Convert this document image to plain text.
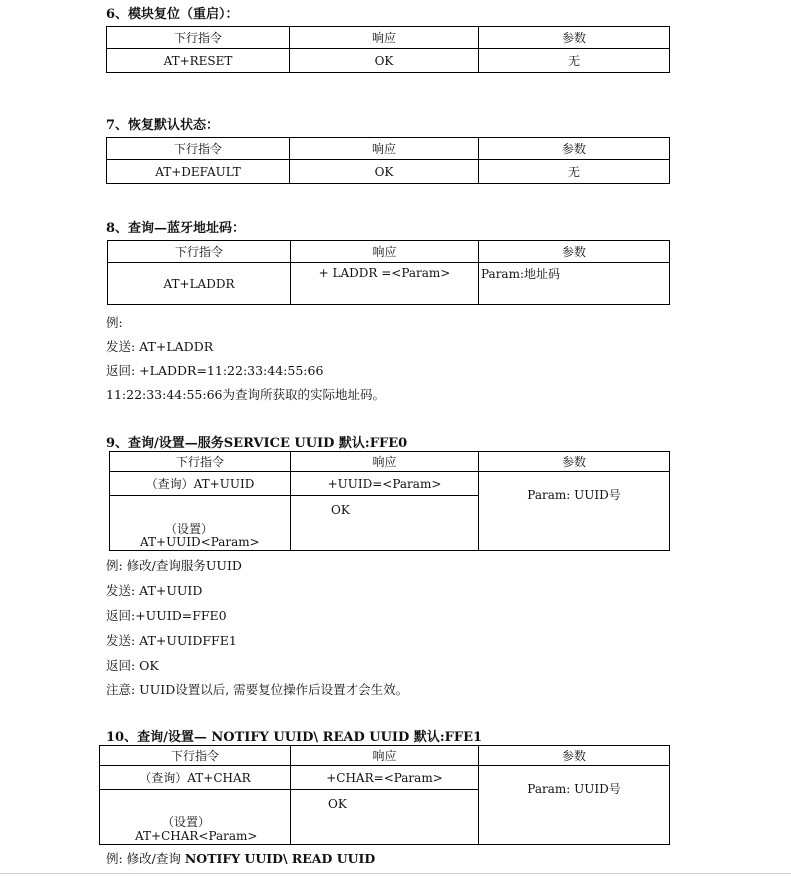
6、模块复位（重启）：
下行指令	响应	参数
AT+RESET	OK	无
7、恢复默认状态：
下行指令	响应	参数
AT+DEFAULT	OK	无
8、查询—蓝牙地址码：
下行指令	响应	参数
AT+LADDR	+ LADDR =<Param>	Param:地址码
例:
发送: AT+LADDR
返回: +LADDR=11:22:33:44:55:66
11:22:33:44:55:66为查询所获取的实际地址码。
9、查询/设置—服务SERVICE UUID 默认:FFE0
下行指令	响应	参数
（查询）AT+UUID	+UUID=<Param>	Param: UUID号

（设置）
AT+UUID<Param>	OK	
例: 修改/查询服务UUID
发送: AT+UUID
返回:+UUID=FFE0
发送: AT+UUIDFFE1
返回: OK
注意: UUID设置以后, 需要复位操作后设置才会生效。
10、查询/设置— NOTIFY UUID\ READ UUID 默认:FFE1
下行指令	响应	参数
（查询）AT+CHAR	+CHAR=<Param>	Param: UUID号

（设置）
AT+CHAR<Param>	OK	
例: 修改/查询 NOTIFY UUID\ READ UUID
